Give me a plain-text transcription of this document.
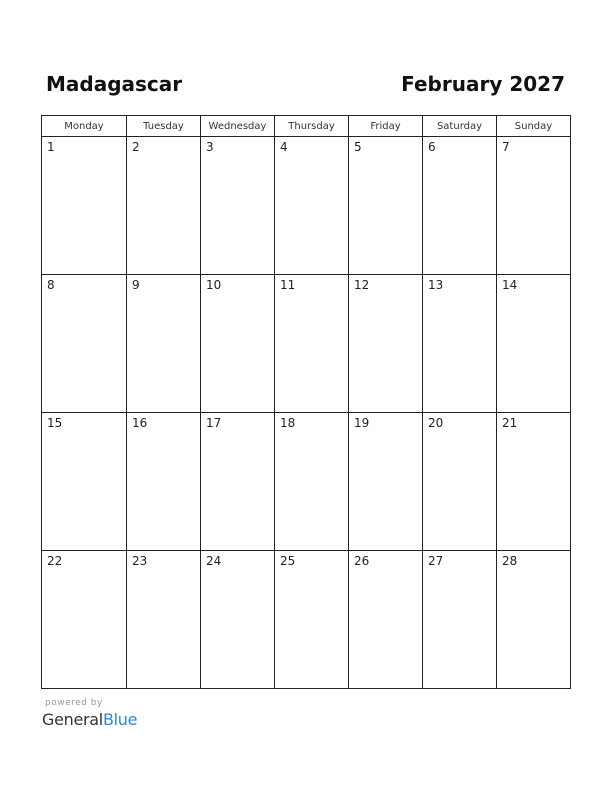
Madagascar	February 2027
Monday	Tuesday	Wednesday	Thursday	Friday	Saturday	Sunday

1	2	3	4	5	6	7

8	9	10	11	12	13	14

15	16	17	18	19	20	21

22	23	24	25	26	27	28
powered by
GeneralBlue
